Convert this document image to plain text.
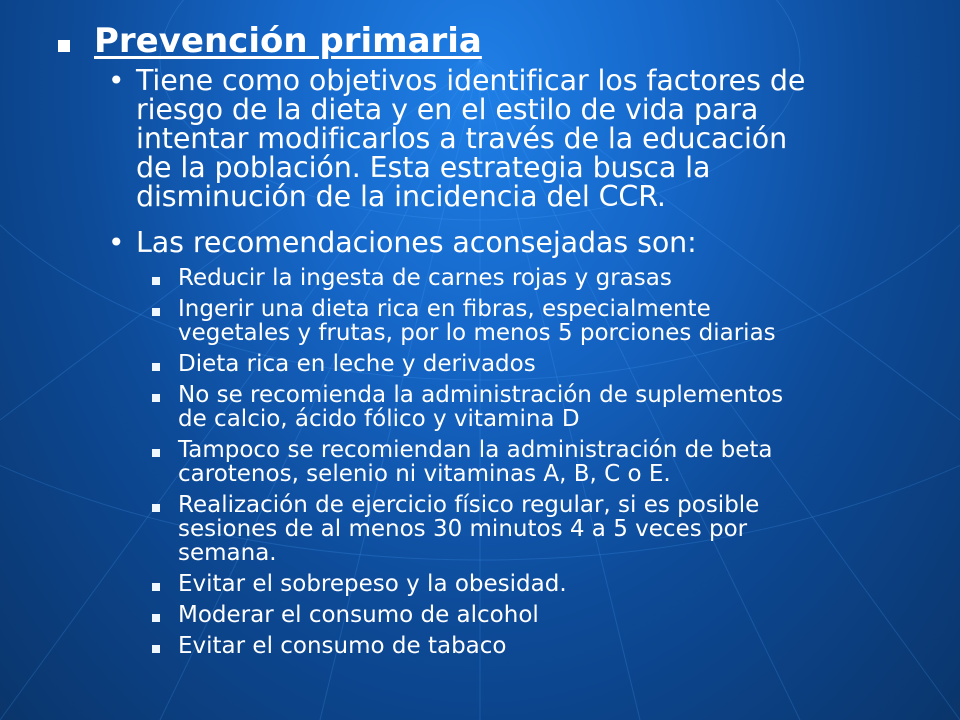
Prevención primaria
• Tiene como objetivos identificar los factores de
riesgo de la dieta y en el estilo de vida para
intentar modificarlos a través de la educación
de la población. Esta estrategia busca la
disminución de la incidencia del CCR.
• Las recomendaciones aconsejadas son:
Reducir la ingesta de carnes rojas y grasas
Ingerir una dieta rica en fibras, especialmente
vegetales y frutas, por lo menos 5 porciones diarias
Dieta rica en leche y derivados
No se recomienda la administración de suplementos
de calcio, ácido fólico y vitamina D
Tampoco se recomiendan la administración de beta
carotenos, selenio ni vitaminas A, B, C o E.
Realización de ejercicio físico regular, si es posible
sesiones de al menos 30 minutos 4 a 5 veces por
semana.
Evitar el sobrepeso y la obesidad.
Moderar el consumo de alcohol
Evitar el consumo de tabaco
